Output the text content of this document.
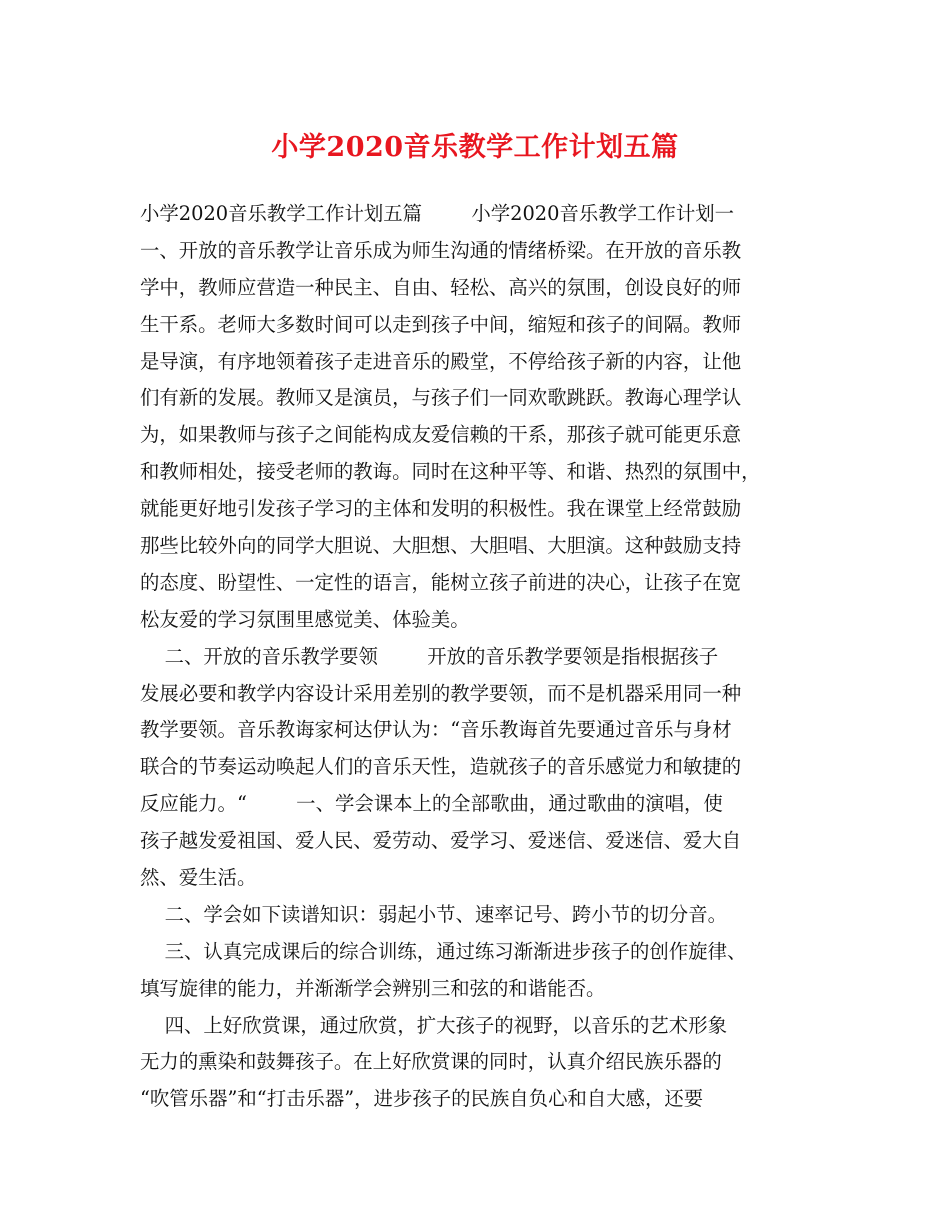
小学2020音乐教学工作计划五篇
小学2020音乐教学工作计划五篇        小学2020音乐教学工作计划一
一、开放的音乐教学让音乐成为师生沟通的情绪桥梁。在开放的音乐教
学中，教师应营造一种民主、自由、轻松、高兴的氛围，创设良好的师
生干系。老师大多数时间可以走到孩子中间，缩短和孩子的间隔。教师
是导演，有序地领着孩子走进音乐的殿堂，不停给孩子新的内容，让他
们有新的发展。教师又是演员，与孩子们一同欢歌跳跃。教诲心理学认
为，如果教师与孩子之间能构成友爱信赖的干系，那孩子就可能更乐意
和教师相处，接受老师的教诲。同时在这种平等、和谐、热烈的氛围中，
就能更好地引发孩子学习的主体和发明的积极性。我在课堂上经常鼓励
那些比较外向的同学大胆说、大胆想、大胆唱、大胆演。这种鼓励支持
的态度、盼望性、一定性的语言，能树立孩子前进的决心，让孩子在宽
松友爱的学习氛围里感觉美、体验美。
二、开放的音乐教学要领        开放的音乐教学要领是指根据孩子
发展必要和教学内容设计采用差别的教学要领，而不是机器采用同一种
教学要领。音乐教诲家柯达伊认为：“音乐教诲首先要通过音乐与身材
联合的节奏运动唤起人们的音乐天性，造就孩子的音乐感觉力和敏捷的
反应能力。“        一、学会课本上的全部歌曲，通过歌曲的演唱，使
孩子越发爱祖国、爱人民、爱劳动、爱学习、爱迷信、爱迷信、爱大自
然、爱生活。
二、学会如下读谱知识：弱起小节、速率记号、跨小节的切分音。
三、认真完成课后的综合训练，通过练习渐渐进步孩子的创作旋律、
填写旋律的能力，并渐渐学会辨别三和弦的和谐能否。
四、上好欣赏课，通过欣赏，扩大孩子的视野，以音乐的艺术形象
无力的熏染和鼓舞孩子。在上好欣赏课的同时，认真介绍民族乐器的
“吹管乐器”和“打击乐器”，进步孩子的民族自负心和自大感，还要
